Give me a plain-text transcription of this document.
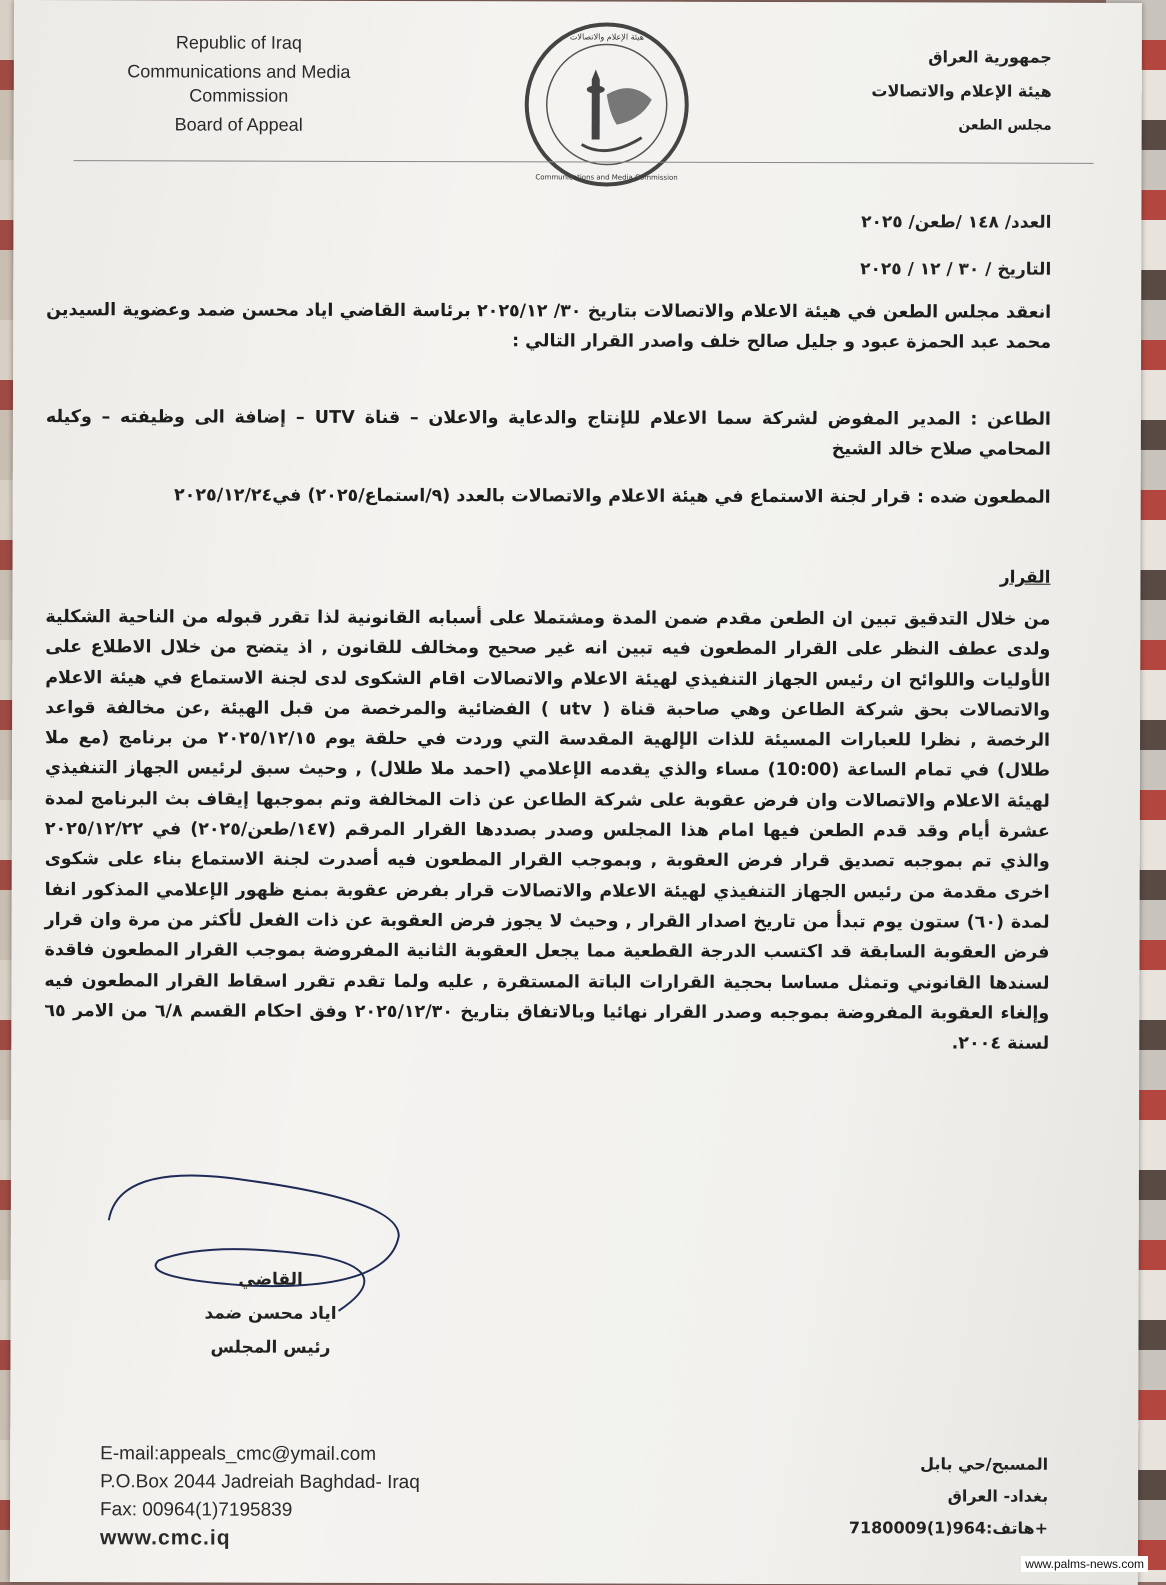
Republic of Iraq
Communications and Media
Commission
Board of Appeal
هيئة الإعلام والاتصالات
Communications and Media Commission
جمهورية العراق
هيئة الإعلام والاتصالات
مجلس الطعن
العدد/ ١٤٨ /طعن/ ٢٠٢٥
التاريخ / ٣٠ / ١٢ / ٢٠٢٥
انعقد مجلس الطعن في هيئة الاعلام والاتصالات بتاريخ ٣٠/ ٢٠٢٥/١٢ برئاسة القاضي اياد محسن ضمد وعضوية السيدين محمد عبد الحمزة عبود و جليل صالح خلف واصدر القرار التالي :
الطاعن : المدير المفوض لشركة سما الاعلام للإنتاج والدعاية والاعلان – قناة UTV – إضافة الى وظيفته – وكيله المحامي صلاح خالد الشيخ
المطعون ضده : قرار لجنة الاستماع في هيئة الاعلام والاتصالات بالعدد (٩/استماع/٢٠٢٥) في٢٠٢٥/١٢/٢٤
القرار
من خلال التدقيق تبين ان الطعن مقدم ضمن المدة ومشتملا على أسبابه القانونية لذا تقرر قبوله من الناحية الشكلية ولدى عطف النظر على القرار المطعون فيه تبين انه غير صحيح ومخالف للقانون , اذ يتضح من خلال الاطلاع على الأوليات واللوائح ان رئيس الجهاز التنفيذي لهيئة الاعلام والاتصالات اقام الشكوى لدى لجنة الاستماع في هيئة الاعلام والاتصالات بحق شركة الطاعن وهي صاحبة قناة ( utv ) الفضائية والمرخصة من قبل الهيئة ,عن مخالفة قواعد الرخصة , نظرا للعبارات المسيئة للذات الإلهية المقدسة التي وردت في حلقة يوم ٢٠٢٥/١٢/١٥ من برنامج (مع ملا طلال) في تمام الساعة (10:00) مساء والذي يقدمه الإعلامي (احمد ملا طلال) , وحيث سبق لرئيس الجهاز التنفيذي لهيئة الاعلام والاتصالات وان فرض عقوبة على شركة الطاعن عن ذات المخالفة وتم بموجبها إيقاف بث البرنامج لمدة عشرة أيام وقد قدم الطعن فيها امام هذا المجلس وصدر بصددها القرار المرقم (١٤٧/طعن/٢٠٢٥) في ٢٠٢٥/١٢/٢٢ والذي تم بموجبه تصديق قرار فرض العقوبة , وبموجب القرار المطعون فيه أصدرت لجنة الاستماع بناء على شكوى اخرى مقدمة من رئيس الجهاز التنفيذي لهيئة الاعلام والاتصالات قرار بفرض عقوبة بمنع ظهور الإعلامي المذكور انفا لمدة (٦٠) ستون يوم تبدأ من تاريخ اصدار القرار , وحيث لا يجوز فرض العقوبة عن ذات الفعل لأكثر من مرة وان قرار فرض العقوبة السابقة قد اكتسب الدرجة القطعية مما يجعل العقوبة الثانية المفروضة بموجب القرار المطعون فاقدة لسندها القانوني وتمثل مساسا بحجية القرارات الباتة المستقرة , عليه ولما تقدم تقرر اسقاط القرار المطعون فيه وإلغاء العقوبة المفروضة بموجبه وصدر القرار نهائيا وبالاتفاق بتاريخ ٢٠٢٥/١٢/٣٠ وفق احكام القسم ٦/٨ من الامر ٦٥ لسنة ٢٠٠٤.
القاضي
اياد محسن ضمد
رئيس المجلس
E-mail:appeals_cmc@ymail.com
P.O.Box 2044 Jadreiah Baghdad- Iraq
Fax: 00964(1)7195839
www.cmc.iq
المسبح/حي بابل
بغداد- العراق
هاتف:964(1)7180009+
www.palms-news.com
